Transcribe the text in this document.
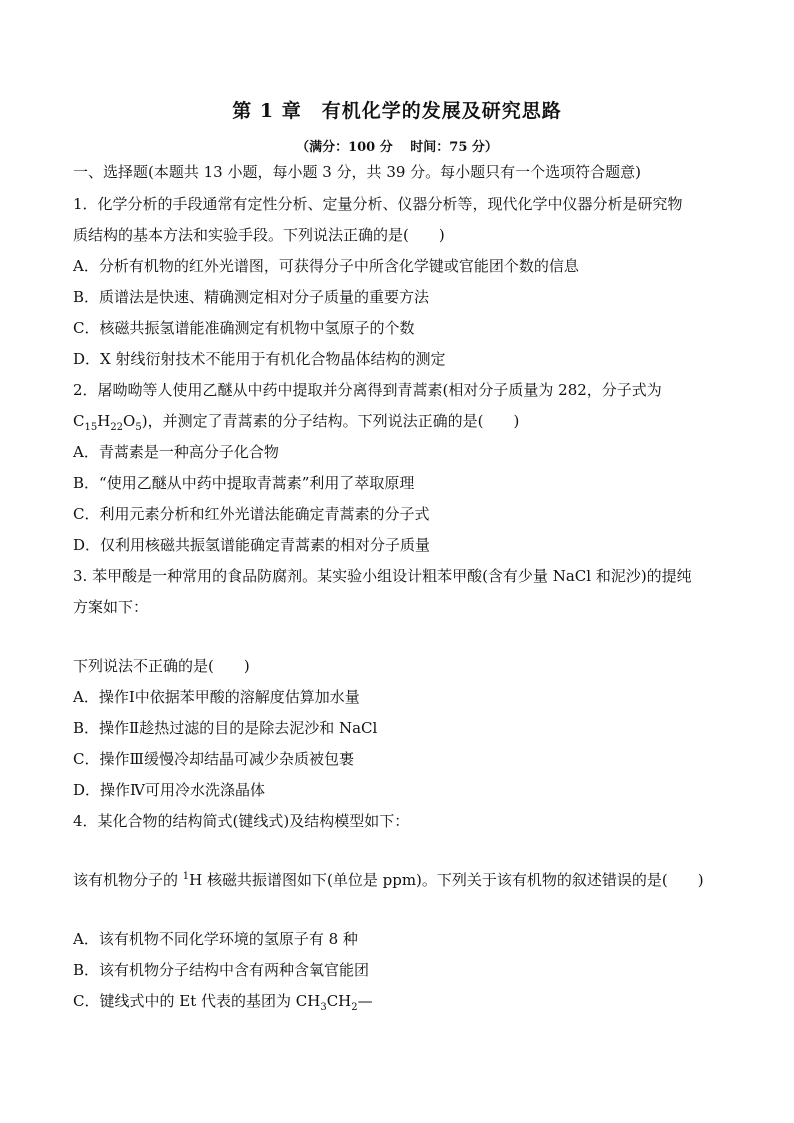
第 1 章　有机化学的发展及研究思路
（满分：100 分　 时间：75 分）
一、选择题(本题共 13 小题，每小题 3 分，共 39 分。每小题只有一个选项符合题意)
1．化学分析的手段通常有定性分析、定量分析、仪器分析等，现代化学中仪器分析是研究物
质结构的基本方法和实验手段。下列说法正确的是(　　)
A．分析有机物的红外光谱图，可获得分子中所含化学键或官能团个数的信息
B．质谱法是快速、精确测定相对分子质量的重要方法
C．核磁共振氢谱能准确测定有机物中氢原子的个数
D．X 射线衍射技术不能用于有机化合物晶体结构的测定
2．屠呦呦等人使用乙醚从中药中提取并分离得到青蒿素(相对分子质量为 282，分子式为
$C_{15}H_{22}O_5$)，并测定了青蒿素的分子结构。下列说法正确的是(　　)
A．青蒿素是一种高分子化合物
B．“使用乙醚从中药中提取青蒿素”利用了萃取原理
C．利用元素分析和红外光谱法能确定青蒿素的分子式
D．仅利用核磁共振氢谱能确定青蒿素的相对分子质量
3. 苯甲酸是一种常用的食品防腐剂。某实验小组设计粗苯甲酸(含有少量 NaCl 和泥沙)的提纯
方案如下：
下列说法不正确的是(　　)
A．操作Ⅰ中依据苯甲酸的溶解度估算加水量
B．操作Ⅱ趁热过滤的目的是除去泥沙和 NaCl
C．操作Ⅲ缓慢冷却结晶可减少杂质被包裹
D．操作Ⅳ可用冷水洗涤晶体
4．某化合物的结构简式(键线式)及结构模型如下：
该有机物分子的 $^1$H 核磁共振谱图如下(单位是 ppm)。下列关于该有机物的叙述错误的是(　　)
A．该有机物不同化学环境的氢原子有 8 种
B．该有机物分子结构中含有两种含氧官能团
C．键线式中的 Et 代表的基团为 $CH_3CH_2—$
